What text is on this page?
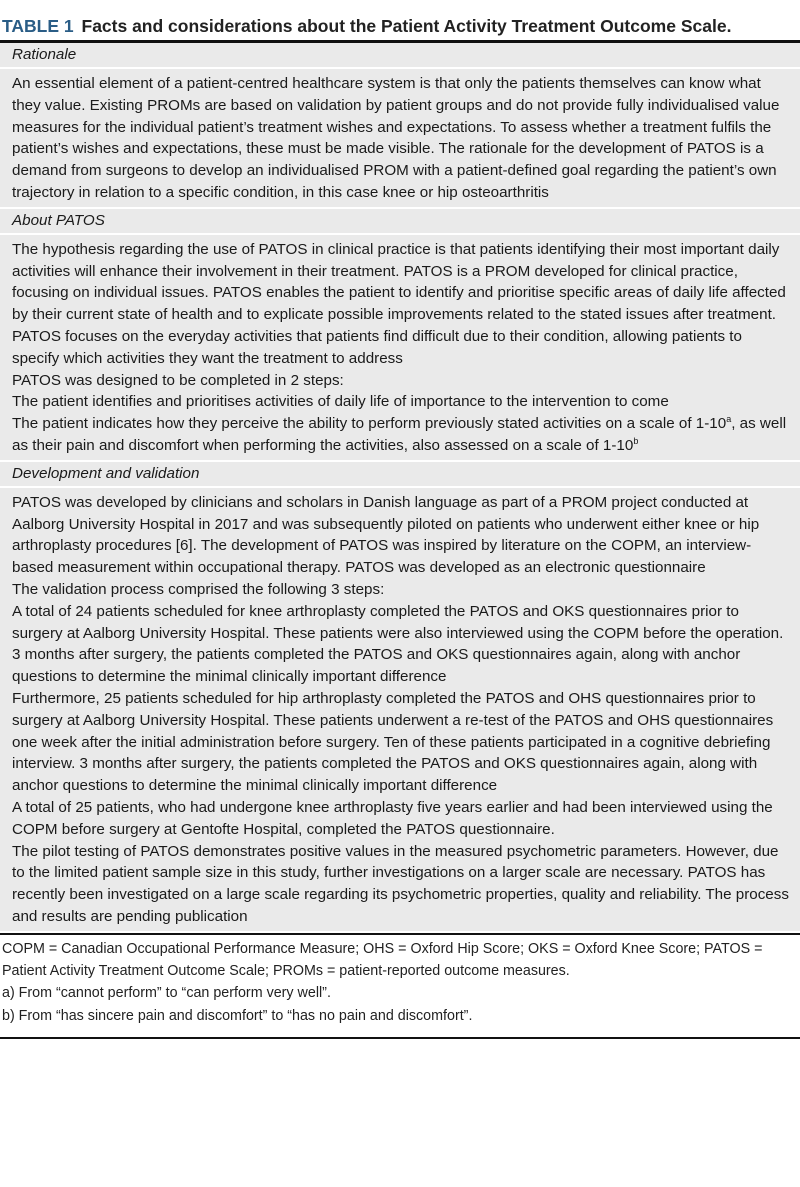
TABLE 1 Facts and considerations about the Patient Activity Treatment Outcome Scale.
Rationale

An essential element of a patient-centred healthcare system is that only the patients themselves can know what they value. Existing PROMs are based on validation by patient groups and do not provide fully individualised value measures for the individual patient’s treatment wishes and expectations. To assess whether a treatment fulfils the patient’s wishes and expectations, these must be made visible. The rationale for the development of PATOS is a demand from surgeons to develop an individualised PROM with a patient-defined goal regarding the patient’s own trajectory in relation to a specific condition, in this case knee or hip osteoarthritis

About PATOS

The hypothesis regarding the use of PATOS in clinical practice is that patients identifying their most important daily activities will enhance their involvement in their treatment. PATOS is a PROM developed for clinical practice, focusing on individual issues. PATOS enables the patient to identify and prioritise specific areas of daily life affected by their current state of health and to explicate possible improvements related to the stated issues after treatment. PATOS focuses on the everyday activities that patients find difficult due to their condition, allowing patients to specify which activities they want the treatment to address

PATOS was designed to be completed in 2 steps:

The patient identifies and prioritises activities of daily life of importance to the intervention to come

The patient indicates how they perceive the ability to perform previously stated activities on a scale of 1-10$^a$, as well as their pain and discomfort when performing the activities, also assessed on a scale of 1-10$^b$

Development and validation

PATOS was developed by clinicians and scholars in Danish language as part of a PROM project conducted at Aalborg University Hospital in 2017 and was subsequently piloted on patients who underwent either knee or hip arthroplasty procedures [6]. The development of PATOS was inspired by literature on the COPM, an interview-based measurement within occupational therapy. PATOS was developed as an electronic questionnaire

The validation process comprised the following 3 steps:

A total of 24 patients scheduled for knee arthroplasty completed the PATOS and OKS questionnaires prior to surgery at Aalborg University Hospital. These patients were also interviewed using the COPM before the operation. 3 months after surgery, the patients completed the PATOS and OKS questionnaires again, along with anchor questions to determine the minimal clinically important difference

Furthermore, 25 patients scheduled for hip arthroplasty completed the PATOS and OHS questionnaires prior to surgery at Aalborg University Hospital. These patients underwent a re-test of the PATOS and OHS questionnaires one week after the initial administration before surgery. Ten of these patients participated in a cognitive debriefing interview. 3 months after surgery, the patients completed the PATOS and OKS questionnaires again, along with anchor questions to determine the minimal clinically important difference

A total of 25 patients, who had undergone knee arthroplasty five years earlier and had been interviewed using the COPM before surgery at Gentofte Hospital, completed the PATOS questionnaire.

The pilot testing of PATOS demonstrates positive values in the measured psychometric parameters. However, due to the limited patient sample size in this study, further investigations on a larger scale are necessary. PATOS has recently been investigated on a large scale regarding its psychometric properties, quality and reliability. The process and results are pending publication

COPM = Canadian Occupational Performance Measure; OHS = Oxford Hip Score; OKS = Oxford Knee Score; PATOS = Patient Activity Treatment Outcome Scale; PROMs = patient-reported outcome measures.
a) From “cannot perform” to “can perform very well”.
b) From “has sincere pain and discomfort” to “has no pain and discomfort”.
